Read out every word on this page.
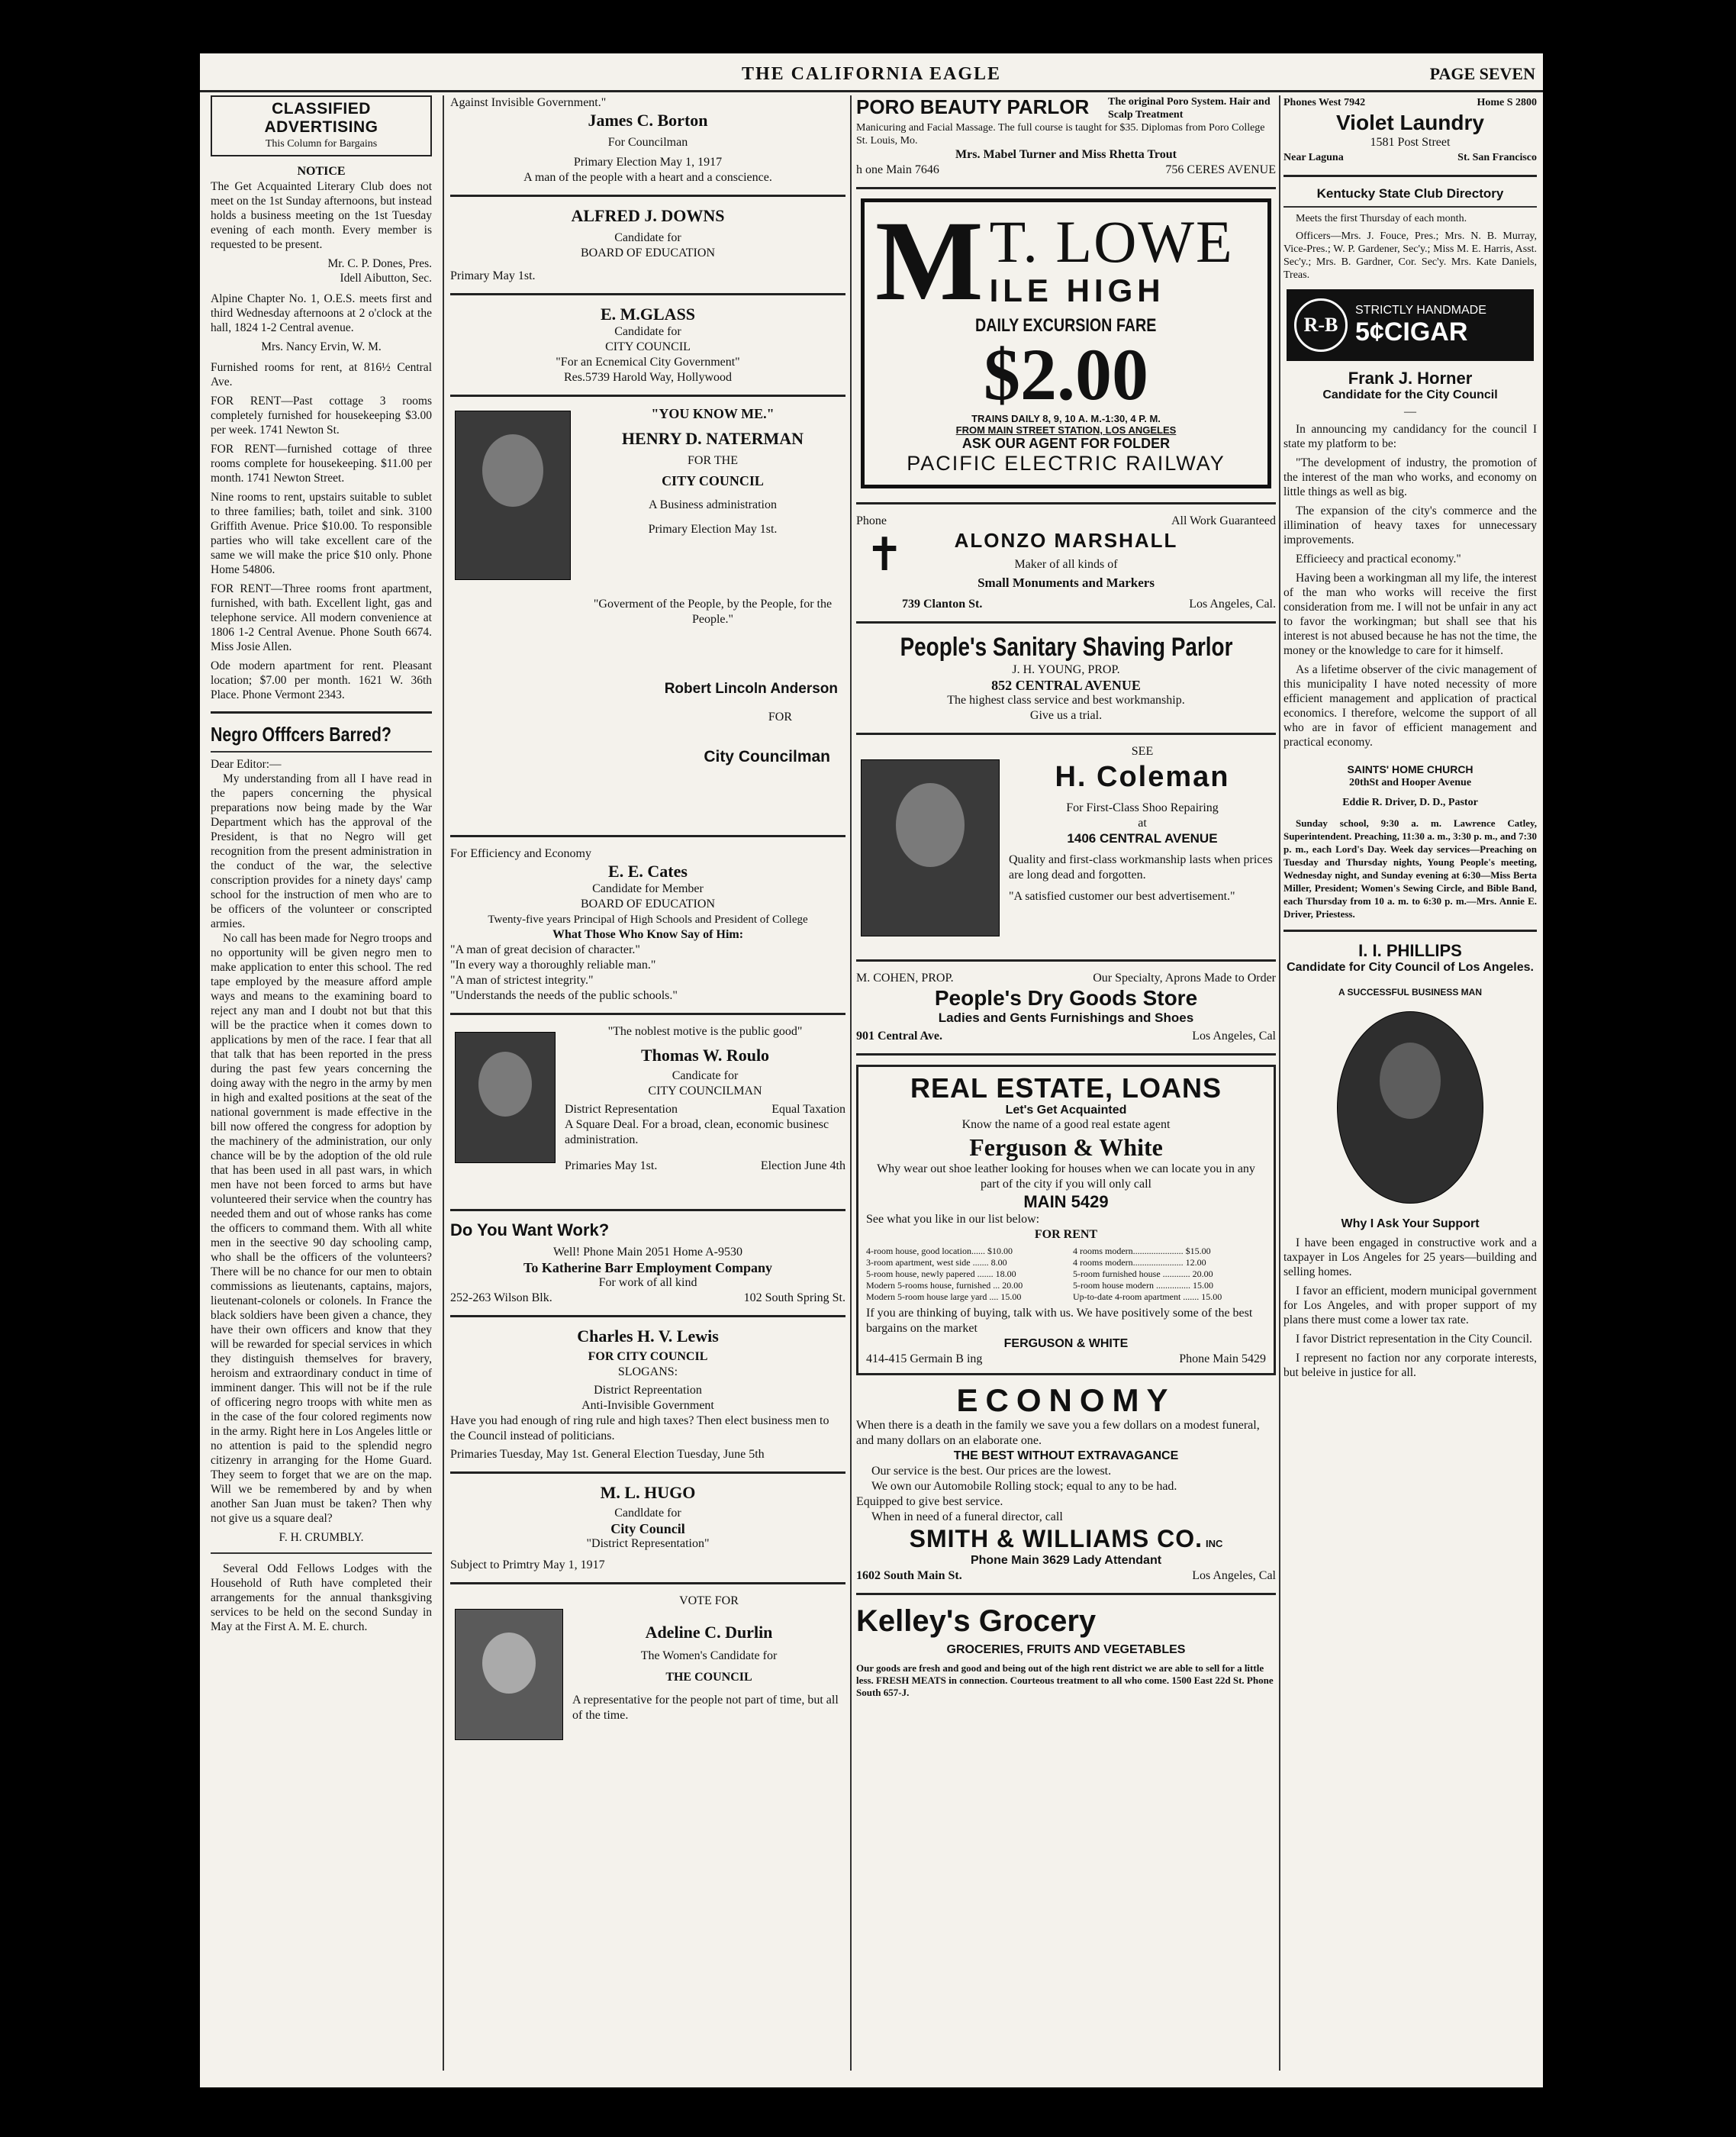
THE CALIFORNIA EAGLE	PAGE SEVEN
CLASSIFIED ADVERTISING
This Column for Bargains
NOTICE

The Get Acquainted Literary Club does not meet on the 1st Sunday afternoons, but instead holds a business meeting on the 1st Tuesday evening of each month. Every member is requested to be present.

Mr. C. P. Dones, Pres.
Idell Aibutton, Sec.

Alpine Chapter No. 1, O.E.S. meets first and third Wednesday afternoons at 2 o'clock at the hall, 1824 1-2 Central avenue.

Mrs. Nancy Ervin, W. M.

Furnished rooms for rent, at 816½ Central Ave.

FOR RENT—Past cottage 3 rooms completely furnished for housekeeping $3.00 per week. 1741 Newton St.

FOR RENT—furnished cottage of three rooms complete for housekeeping. $11.00 per month. 1741 Newton Street.

Nine rooms to rent, upstairs suitable to sublet to three families; bath, toilet and sink. 3100 Griffith Avenue. Price $10.00. To responsible parties who will take excellent care of the same we will make the price $10 only. Phone Home 54806.

FOR RENT—Three rooms front apartment, furnished, with bath. Excellent light, gas and telephone service. All modern convenience at 1806 1-2 Central Avenue. Phone South 6674. Miss Josie Allen.

Ode modern apartment for rent. Pleasant location; $7.00 per month. 1621 W. 36th Place. Phone Vermont 2343.

Negro Offfcers Barred?

Dear Editor:—

My understanding from all I have read in the papers concerning the physical preparations now being made by the War Department which has the approval of the President, is that no Negro will get recognition from the present administration in the conduct of the war, the selective conscription provides for a ninety days' camp school for the instruction of men who are to be officers of the volunteer or conscripted armies.

No call has been made for Negro troops and no opportunity will be given negro men to make application to enter this school. The red tape employed by the measure afford ample ways and means to the examining board to reject any man and I doubt not but that this will be the practice when it comes down to applications by men of the race. I fear that all that talk that has been reported in the press during the past few years concerning the doing away with the negro in the army by men in high and exalted positions at the seat of the national government is made effective in the bill now offered the congress for adoption by the machinery of the administration, our only chance will be by the adoption of the old rule that has been used in all past wars, in which men have not been forced to arms but have volunteered their service when the country has needed them and out of whose ranks has come the officers to command them. With all white men in the seective 90 day schooling camp, who shall be the officers of the volunteers? There will be no chance for our men to obtain commissions as lieutenants, captains, majors, lieutenant-colonels or colonels. In France the black soldiers have been given a chance, they have their own officers and know that they will be rewarded for special services in which they distinguish themselves for bravery, heroism and extraordinary conduct in time of imminent danger. This will not be if the rule of officering negro troops with white men as in the case of the four colored regiments now in the army. Right here in Los Angeles little or no attention is paid to the splendid negro citizenry in arranging for the Home Guard. They seem to forget that we are on the map. Will we be remembered by and by when another San Juan must be taken? Then why not give us a square deal?

F. H. CRUMBLY.

Several Odd Fellows Lodges with the Household of Ruth have completed their arrangements for the annual thanksgiving services to be held on the second Sunday in May at the First A. M. E. church.

Against Invisible Government."
James C. Borton
For Councilman
Primary Election May 1, 1917
A man of the people with a heart and a conscience.
ALFRED J. DOWNS
Candidate for
BOARD OF EDUCATION
Primary May 1st.
E. M.GLASS
Candidate for
CITY COUNCIL
"For an Ecnemical City Government"
Res.5739 Harold Way, Hollywood
"YOU KNOW ME."
HENRY D. NATERMAN
FOR THE
CITY COUNCIL
A Business administration
Primary Election May 1st.
"Goverment of the People, by the People, for the People."
Robert Lincoln Anderson
FOR
City Councilman
For Efficiency and Economy
E. E. Cates
Candidate for Member
BOARD OF EDUCATION
Twenty-five years Principal of High Schools and President of College
What Those Who Know Say of Him:
"A man of great decision of character."
"In every way a thoroughly reliable man."
"A man of strictest integrity."
"Understands the needs of the public schools."
"The noblest motive is the public good"
Thomas W. Roulo
Candicate for
CITY COUNCILMAN
District Representation	Equal Taxation
A Square Deal. For a broad, clean, economic businesc administration.
Primaries May 1st.	Election June 4th
Do You Want Work?
Well! Phone Main 2051 Home A-9530
To Katherine Barr Employment Company
For work of all kind
252-263 Wilson Blk.	102 South Spring St.
Charles H. V. Lewis
FOR CITY COUNCIL
SLOGANS:
District Repreentation
Anti-Invisible Government
Have you had enough of ring rule and high taxes? Then elect business men to the Council instead of politicians.
Primaries Tuesday, May 1st. General Election Tuesday, June 5th
M. L. HUGO
Candldate for
City Council
"District Representation"
Subject to Primtry May 1, 1917
VOTE FOR
Adeline C. Durlin
The Women's Candidate for
THE COUNCIL
A representative for the people not part of time, but all of the time.
PORO BEAUTY PARLOR The original Poro System. Hair and Scalp Treatment
Manicuring and Facial Massage. The full course is taught for $35. Diplomas from Poro College St. Louis, Mo.
Mrs. Mabel Turner and Miss Rhetta Trout
h one Main 7646	756 CERES AVENUE
M T. LOWE
ILE HIGH
DAILY EXCURSION FARE
$2.00
TRAINS DAILY 8, 9, 10 A. M.-1:30, 4 P. M.
FROM MAIN STREET STATION, LOS ANGELES
ASK OUR AGENT FOR FOLDER
PACIFIC ELECTRIC RAILWAY
Phone	All Work Guaranteed
ALONZO MARSHALL
Maker of all kinds of
Small Monuments and Markers
✝
739 Clanton St.	Los Angeles, Cal.
People's Sanitary Shaving Parlor
J. H. YOUNG, PROP.
852 CENTRAL AVENUE
The highest class service and best workmanship.
Give us a trial.
SEE
H. Coleman
For First-Class Shoo Repairing
at
1406 CENTRAL AVENUE
Quality and first-class workmanship lasts when prices are long dead and forgotten.
"A satisfied customer our best advertisement."
M. COHEN, PROP.	Our Specialty, Aprons Made to Order
People's Dry Goods Store
Ladies and Gents Furnishings and Shoes
901 Central Ave.	Los Angeles, Cal
REAL ESTATE, LOANS
Let's Get Acquainted
Know the name of a good real estate agent
Ferguson & White
Why wear out shoe leather looking for houses when we can locate you in any part of the city if you will only call
MAIN 5429
See what you like in our list below:
FOR RENT
4-room house, good location...... $10.00	4 rooms modern...................... $15.00
3-room apartment, west side ....... 8.00	4 rooms modern...................... 12.00
5-room house, newly papered ....... 18.00	5-room furnished house ............ 20.00
Modern 5-rooms house, furnished ... 20.00	5-room house modern ............... 15.00
Modern 5-room house large yard .... 15.00	Up-to-date 4-room apartment ....... 15.00
If you are thinking of buying, talk with us. We have positively some of the best bargains on the market
FERGUSON & WHITE
414-415 Germain B ing	Phone Main 5429
ECONOMY
When there is a death in the family we save you a few dollars on a modest funeral, and many dollars on an elaborate one.
THE BEST WITHOUT EXTRAVAGANCE
Our service is the best. Our prices are the lowest.
We own our Automobile Rolling stock; equal to any to be had.
Equipped to give best service.
When in need of a funeral director, call
SMITH & WILLIAMS CO. INC
Phone Main 3629 Lady Attendant
1602 South Main St.	Los Angeles, Cal
Kelley's Grocery
GROCERIES, FRUITS AND VEGETABLES
Our goods are fresh and good and being out of the high rent district we are able to sell for a little less. FRESH MEATS in connection. Courteous treatment to all who come. 1500 East 22d St. Phone South 657-J.
Phones West 7942	Home S 2800
Violet Laundry
1581 Post Street
Near Laguna	St. San Francisco
Kentucky State Club Directory

Meets the first Thursday of each month.

Officers—Mrs. J. Fouce, Pres.; Mrs. N. B. Murray, Vice-Pres.; W. P. Gardener, Sec'y.; Miss M. E. Harris, Asst. Sec'y.; Mrs. B. Gardner, Cor. Sec'y. Mrs. Kate Daniels, Treas.

R-B
STRICTLY HANDMADE
5¢CIGAR
Frank J. Horner
Candidate for the City Council
—

In announcing my candidancy for the council I state my platform to be:

"The development of industry, the promotion of the interest of the man who works, and economy on little things as well as big.

The expansion of the city's commerce and the illimination of heavy taxes for unnecessary improvements.

Efficieecy and practical economy."

Having been a workingman all my life, the interest of the man who works will receive the first consideration from me. I will not be unfair in any act to favor the workingman; but shall see that his interest is not abused because he has not the time, the money or the knowledge to care for it himself.

As a lifetime observer of the civic management of this municipality I have noted necessity of more efficient management and application of practical economics. I therefore, welcome the support of all who are in favor of efficient management and practical economy.

SAINTS' HOME CHURCH
20thSt and Hooper Avenue
Eddie R. Driver, D. D., Pastor

Sunday school, 9:30 a. m. Lawrence Catley, Superintendent. Preaching, 11:30 a. m., 3:30 p. m., and 7:30 p. m., each Lord's Day. Week day services—Preaching on Tuesday and Thursday nights, Young People's meeting, Wednesday night, and Sunday evening at 6:30—Miss Berta Miller, President; Women's Sewing Circle, and Bible Band, each Thursday from 10 a. m. to 6:30 p. m.—Mrs. Annie E. Driver, Priestess.

I. I. PHILLIPS
Candidate for City Council of Los Angeles.
A SUCCESSFUL BUSINESS MAN
Why I Ask Your Support

I have been engaged in constructive work and a taxpayer in Los Angeles for 25 years—building and selling homes.

I favor an efficient, modern municipal government for Los Angeles, and with proper support of my plans there must come a lower tax rate.

I favor District representation in the City Council.

I represent no faction nor any corporate interests, but beleive in justice for all.
